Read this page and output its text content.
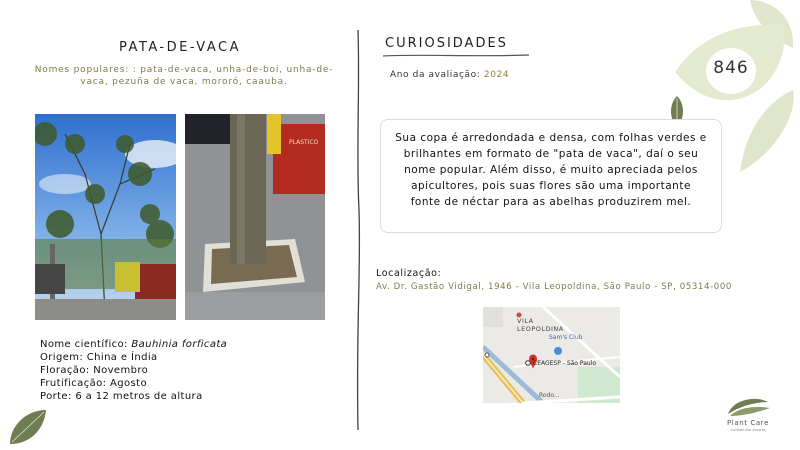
PATA-DE-VACA
Nomes populares: : pata-de-vaca, unha-de-boi, unha-de-vaca, pezuña de vaca, mororó, caauba.
PLASTICO
Nome científico: Bauhinia forficata
Origem: China e Índia
Floração: Novembro
Frutificação: Agosto
Porte: 6 a 12 metros de altura
CURIOSIDADES
Ano da avaliação: 2024	846

Sua copa é arredondada e densa, com folhas verdes e brilhantes em formato de "pata de vaca", daí o seu nome popular. Além disso, é muito apreciada pelos apicultores, pois suas flores são uma importante fonte de néctar para as abelhas produzirem mel.

Localização:
Av. Dr. Gastão Vidigal, 1946 - Vila Leopoldina, São Paulo - SP, 05314-000
VILA LEOPOLDINA
Sam's Club
CEAGESP - São Paulo
Rodo...
Plant Care
cuidado das árvores
